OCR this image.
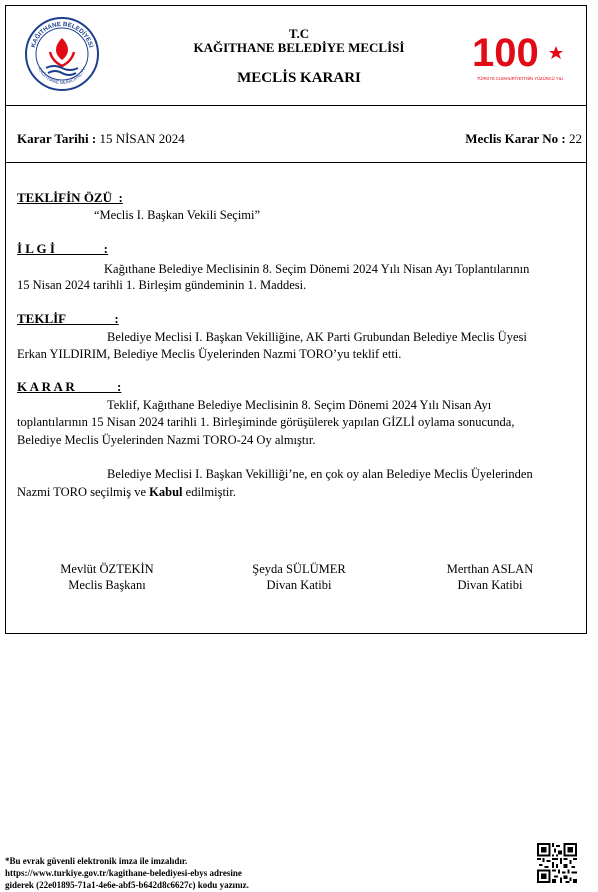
KAĞITHANE BELEDİYESİ
KAĞITHANE MUNICIPALITY
T.C
KAĞITHANE BELEDİYE MECLİSİ
MECLİS KARARI
100
TÜRKİYE CUMHURİYETİ'NİN YÜZÜNCÜ YILI
Karar Tarihi : 15 NİSAN 2024	Meclis Karar No : 22
TEKLİFİN ÖZÜ  :
“Meclis I. Başkan Vekili Seçimi”
İ L G İ               :
Kağıthane Belediye Meclisinin 8. Seçim Dönemi 2024 Yılı Nisan Ayı Toplantılarının
15 Nisan 2024 tarihli 1. Birleşim gündeminin 1. Maddesi.
TEKLİF               :
Belediye Meclisi I. Başkan Vekilliğine, AK Parti Grubundan Belediye Meclis Üyesi
Erkan YILDIRIM, Belediye Meclis Üyelerinden Nazmi TORO’yu teklif etti.
K A R A R             :
Teklif, Kağıthane Belediye Meclisinin 8. Seçim Dönemi 2024 Yılı Nisan Ayı
toplantılarının 15 Nisan 2024 tarihli 1. Birleşiminde görüşülerek yapılan GİZLİ oylama sonucunda,
Belediye Meclis Üyelerinden Nazmi TORO-24 Oy almıştır.
Belediye Meclisi I. Başkan Vekilliği’ne, en çok oy alan Belediye Meclis Üyelerinden
Nazmi TORO seçilmiş ve Kabul edilmiştir.
Mevlüt ÖZTEKİN
Meclis Başkanı
Şeyda SÜLÜMER
Divan Katibi
Merthan ASLAN
Divan Katibi
*Bu evrak güvenli elektronik imza ile imzalıdır.
https://www.turkiye.gov.tr/kagithane-belediyesi-ebys adresine
giderek (22e01895-71a1-4e6e-abf5-b642d8c6627c) kodu yazınız.
